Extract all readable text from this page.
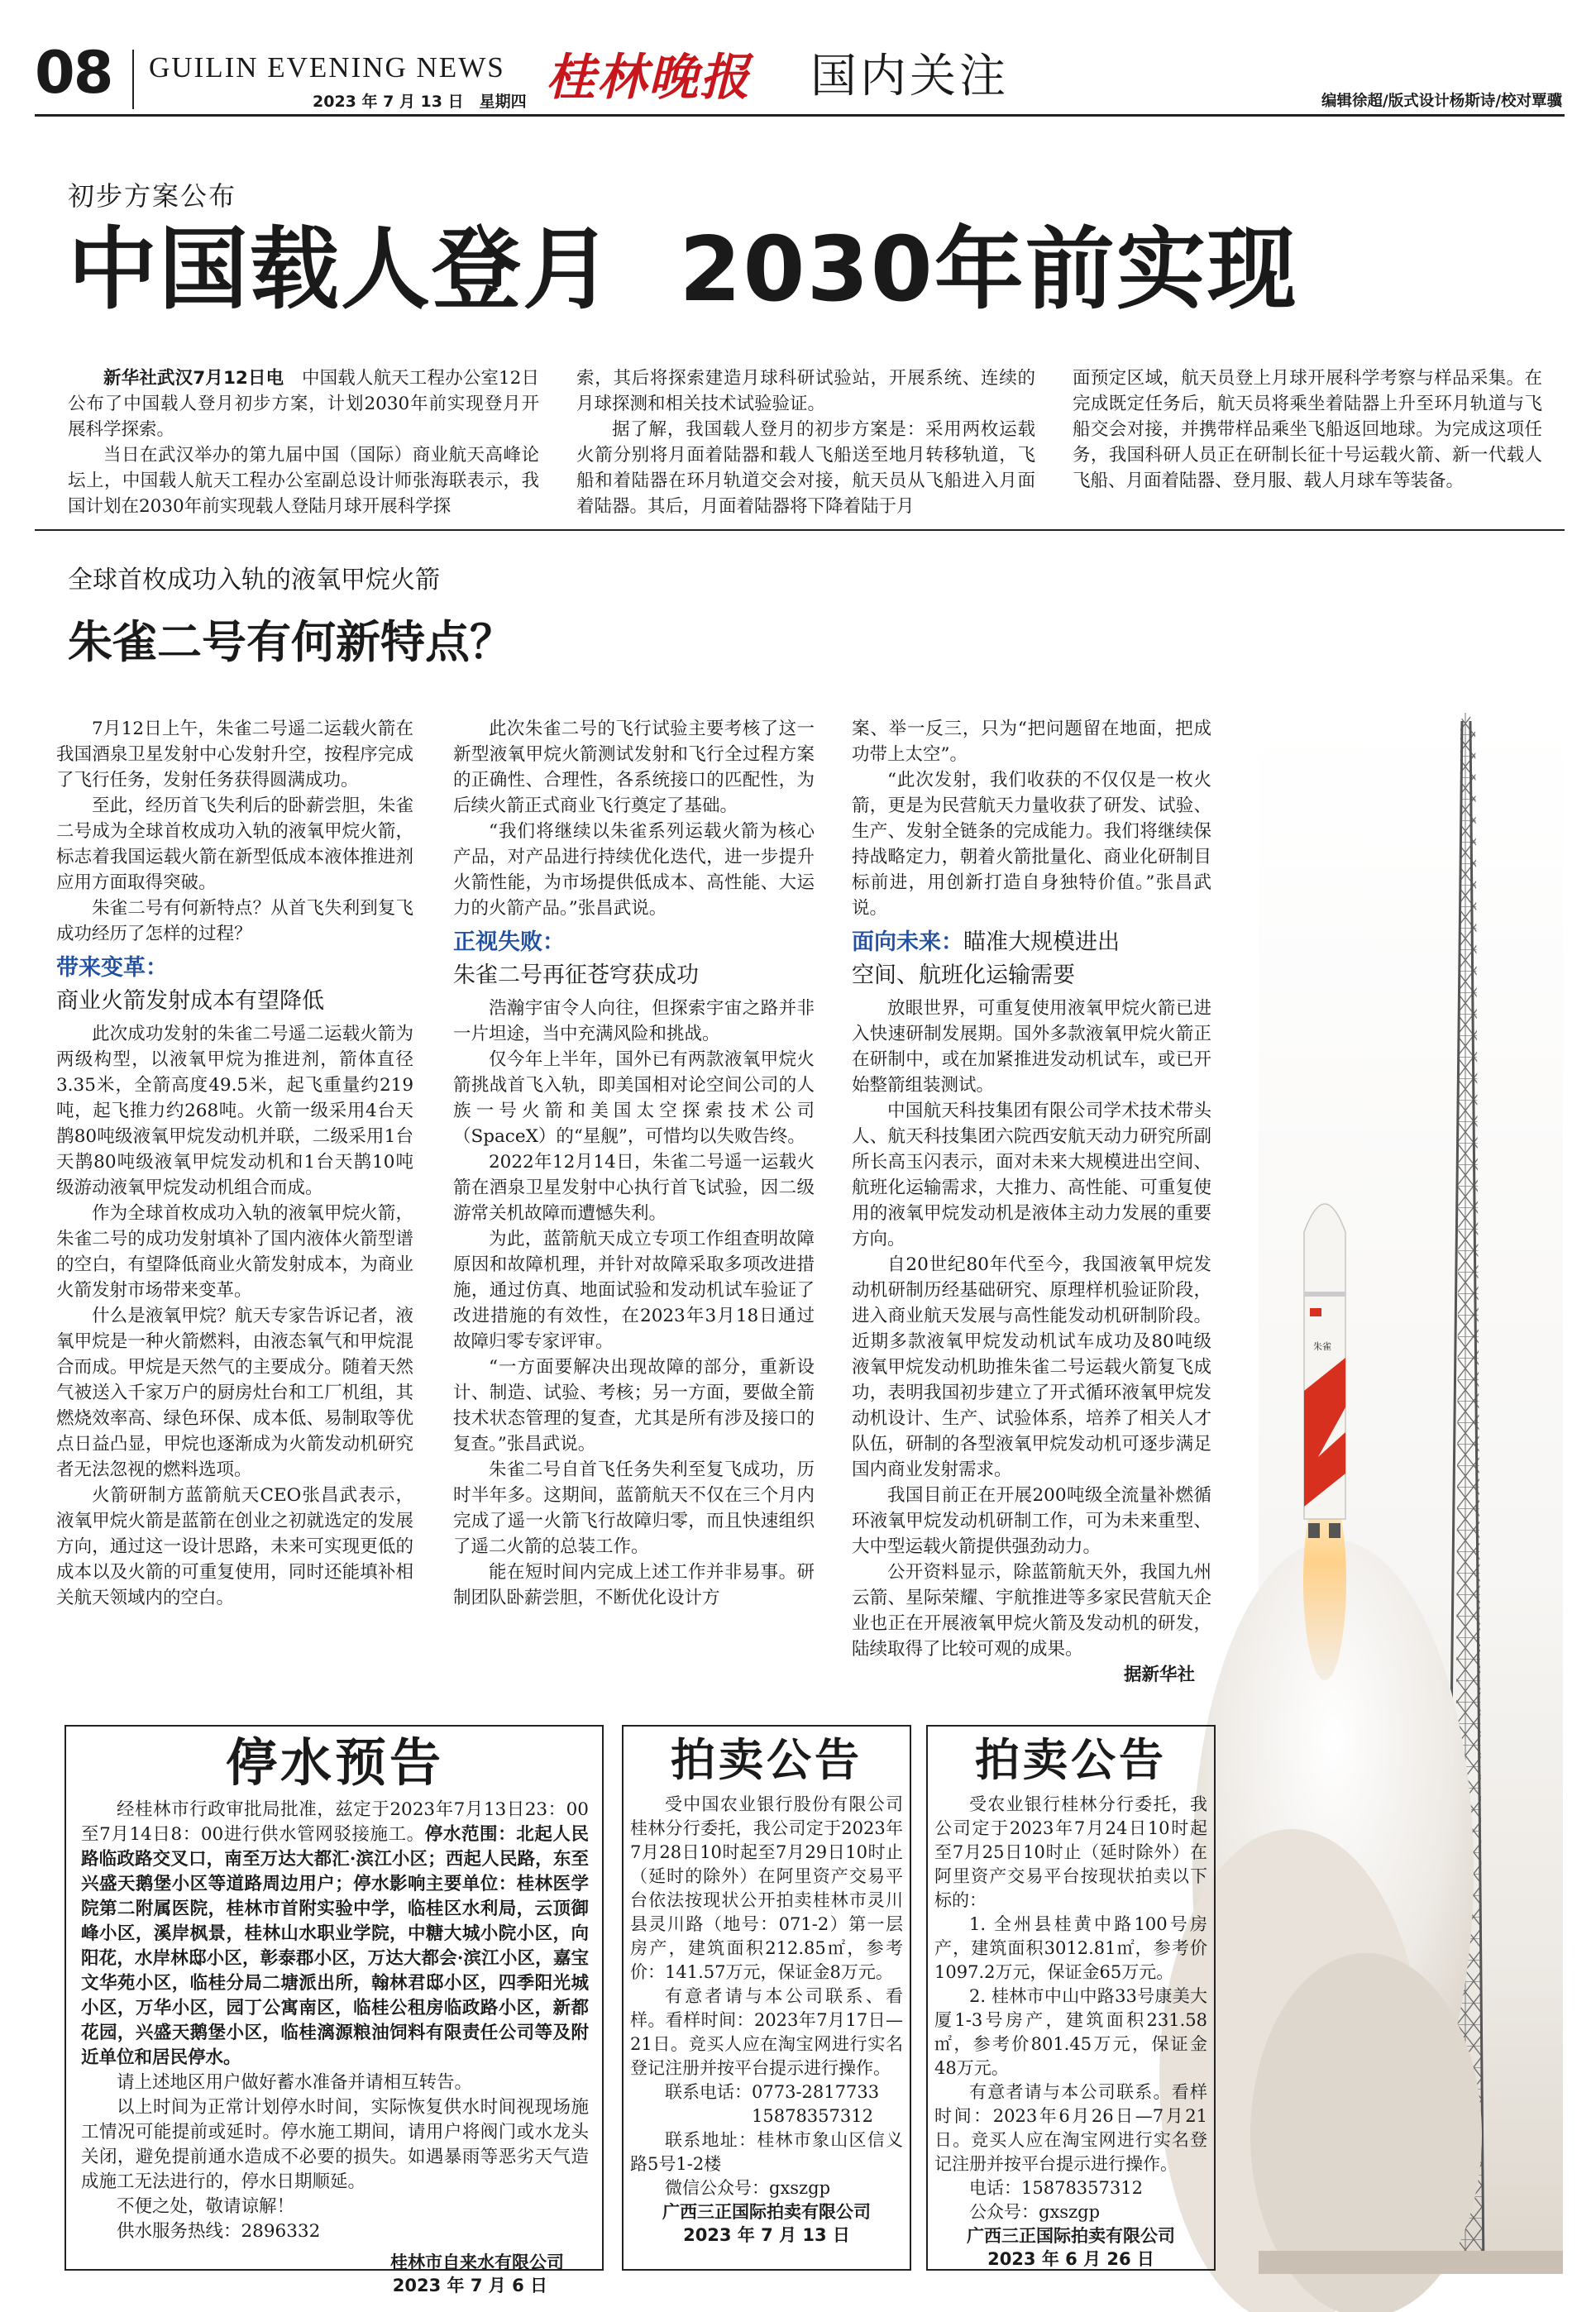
08 GUILIN EVENING NEWS
2023 年 7 月 13 日　星期四 桂林晚报 国内关注	编辑徐超/版式设计杨斯诗/校对覃骥
初步方案公布
中国载人登月  2030年前实现

新华社武汉7月12日电　 中国载人航天工程办公室12日公布了中国载人登月初步方案，计划2030年前实现登月开展科学探索。

当日在武汉举办的第九届中国（国际）商业航天高峰论坛上，中国载人航天工程办公室副总设计师张海联表示，我国计划在2030年前实现载人登陆月球开展科学探

索，其后将探索建造月球科研试验站，开展系统、连续的月球探测和相关技术试验验证。

据了解，我国载人登月的初步方案是：采用两枚运载火箭分别将月面着陆器和载人飞船送至地月转移轨道，飞船和着陆器在环月轨道交会对接，航天员从飞船进入月面着陆器。其后，月面着陆器将下降着陆于月

面预定区域，航天员登上月球开展科学考察与样品采集。在完成既定任务后，航天员将乘坐着陆器上升至环月轨道与飞船交会对接，并携带样品乘坐飞船返回地球。为完成这项任务，我国科研人员正在研制长征十号运载火箭、新一代载人飞船、月面着陆器、登月服、载人月球车等装备。

全球首枚成功入轨的液氧甲烷火箭
朱雀二号有何新特点？

7月12日上午，朱雀二号遥二运载火箭在我国酒泉卫星发射中心发射升空，按程序完成了飞行任务，发射任务获得圆满成功。

至此，经历首飞失利后的卧薪尝胆，朱雀二号成为全球首枚成功入轨的液氧甲烷火箭，标志着我国运载火箭在新型低成本液体推进剂应用方面取得突破。

朱雀二号有何新特点？从首飞失利到复飞成功经历了怎样的过程？

带来变革：
商业火箭发射成本有望降低

此次成功发射的朱雀二号遥二运载火箭为两级构型，以液氧甲烷为推进剂，箭体直径3.35米，全箭高度49.5米，起飞重量约219吨，起飞推力约268吨。火箭一级采用4台天鹊80吨级液氧甲烷发动机并联，二级采用1台天鹊80吨级液氧甲烷发动机和1台天鹊10吨级游动液氧甲烷发动机组合而成。

作为全球首枚成功入轨的液氧甲烷火箭，朱雀二号的成功发射填补了国内液体火箭型谱的空白，有望降低商业火箭发射成本，为商业火箭发射市场带来变革。

什么是液氧甲烷？航天专家告诉记者，液氧甲烷是一种火箭燃料，由液态氧气和甲烷混合而成。甲烷是天然气的主要成分。随着天然气被送入千家万户的厨房灶台和工厂机组，其燃烧效率高、绿色环保、成本低、易制取等优点日益凸显，甲烷也逐渐成为火箭发动机研究者无法忽视的燃料选项。

火箭研制方蓝箭航天CEO张昌武表示，液氧甲烷火箭是蓝箭在创业之初就选定的发展方向，通过这一设计思路，未来可实现更低的成本以及火箭的可重复使用，同时还能填补相关航天领域内的空白。

此次朱雀二号的飞行试验主要考核了这一新型液氧甲烷火箭测试发射和飞行全过程方案的正确性、合理性，各系统接口的匹配性，为后续火箭正式商业飞行奠定了基础。

“我们将继续以朱雀系列运载火箭为核心产品，对产品进行持续优化迭代，进一步提升火箭性能，为市场提供低成本、高性能、大运力的火箭产品。”张昌武说。

正视失败：
朱雀二号再征苍穹获成功

浩瀚宇宙令人向往，但探索宇宙之路并非一片坦途，当中充满风险和挑战。

仅今年上半年，国外已有两款液氧甲烷火箭挑战首飞入轨，即美国相对论空间公司的人族一号火箭和美国太空探索技术公司（SpaceX）的“星舰”，可惜均以失败告终。

2022年12月14日，朱雀二号遥一运载火箭在酒泉卫星发射中心执行首飞试验，因二级游常关机故障而遭憾失利。

为此，蓝箭航天成立专项工作组查明故障原因和故障机理，并针对故障采取多项改进措施，通过仿真、地面试验和发动机试车验证了改进措施的有效性，在2023年3月18日通过故障归零专家评审。

“一方面要解决出现故障的部分，重新设计、制造、试验、考核；另一方面，要做全箭技术状态管理的复查，尤其是所有涉及接口的复查。”张昌武说。

朱雀二号自首飞任务失利至复飞成功，历时半年多。这期间，蓝箭航天不仅在三个月内完成了遥一火箭飞行故障归零，而且快速组织了遥二火箭的总装工作。

能在短时间内完成上述工作并非易事。研制团队卧薪尝胆，不断优化设计方

案、举一反三，只为“把问题留在地面，把成功带上太空”。

“此次发射，我们收获的不仅仅是一枚火箭，更是为民营航天力量收获了研发、试验、生产、发射全链条的完成能力。我们将继续保持战略定力，朝着火箭批量化、商业化研制目标前进，用创新打造自身独特价值。”张昌武说。

面向未来：瞄准大规模进出
空间、航班化运输需要

放眼世界，可重复使用液氧甲烷火箭已进入快速研制发展期。国外多款液氧甲烷火箭正在研制中，或在加紧推进发动机试车，或已开始整箭组装测试。

中国航天科技集团有限公司学术技术带头人、航天科技集团六院西安航天动力研究所副所长高玉闪表示，面对未来大规模进出空间、航班化运输需求，大推力、高性能、可重复使用的液氧甲烷发动机是液体主动力发展的重要方向。

自20世纪80年代至今，我国液氧甲烷发动机研制历经基础研究、原理样机验证阶段，进入商业航天发展与高性能发动机研制阶段。近期多款液氧甲烷发动机试车成功及80吨级液氧甲烷发动机助推朱雀二号运载火箭复飞成功，表明我国初步建立了开式循环液氧甲烷发动机设计、生产、试验体系，培养了相关人才队伍，研制的各型液氧甲烷发动机可逐步满足国内商业发射需求。

我国目前正在开展200吨级全流量补燃循环液氧甲烷发动机研制工作，可为未来重型、大中型运载火箭提供强劲动力。

公开资料显示，除蓝箭航天外，我国九州云箭、星际荣耀、宇航推进等多家民营航天企业也正在开展液氧甲烷火箭及发动机的研发，陆续取得了比较可观的成果。

据新华社
朱雀
停水预告

经桂林市行政审批局批准，兹定于2023年7月13日23：00至7月14日8：00进行供水管网驳接施工。停水范围：北起人民路临政路交叉口，南至万达大都汇·滨江小区；西起人民路，东至兴盛天鹅堡小区等道路周边用户；停水影响主要单位：桂林医学院第二附属医院，桂林市首附实验中学，临桂区水利局，云顶御峰小区，溪岸枫景，桂林山水职业学院，中糖大城小院小区，向阳花，水岸林邸小区，彰泰郡小区，万达大都会·滨江小区，嘉宝文华苑小区，临桂分局二塘派出所，翰林君邸小区，四季阳光城小区，万华小区，园丁公寓南区，临桂公租房临政路小区，新都花园，兴盛天鹅堡小区，临桂漓源粮油饲料有限责任公司等及附近单位和居民停水。

请上述地区用户做好蓄水准备并请相互转告。

以上时间为正常计划停水时间，实际恢复供水时间视现场施工情况可能提前或延时。停水施工期间，请用户将阀门或水龙头关闭，避免提前通水造成不必要的损失。如遇暴雨等恶劣天气造成施工无法进行的，停水日期顺延。

不便之处，敬请谅解！

供水服务热线：2896332

桂林市自来水有限公司
2023 年 7 月 6 日
拍卖公告

受中国农业银行股份有限公司桂林分行委托，我公司定于2023年7月28日10时起至7月29日10时止（延时的除外）在阿里资产交易平台依法按现状公开拍卖桂林市灵川县灵川路（地号：071-2）第一层房产，建筑面积212.85㎡，参考价：141.57万元，保证金8万元。

有意者请与本公司联系、看样。看样时间：2023年7月17日—21日。竞买人应在淘宝网进行实名登记注册并按平台提示进行操作。

联系电话：0773-2817733

　　　　　15878357312

联系地址：桂林市象山区信义路5号1-2楼

微信公众号：gxszgp

广西三正国际拍卖有限公司
2023 年 7 月 13 日
拍卖公告

受农业银行桂林分行委托，我公司定于2023年7月24日10时起至7月25日10时止（延时除外）在阿里资产交易平台按现状拍卖以下标的：

1. 全州县桂黄中路100号房产，建筑面积3012.81㎡，参考价1097.2万元，保证金65万元。

2. 桂林市中山中路33号康美大厦1-3号房产，建筑面积231.58㎡，参考价801.45万元，保证金48万元。

有意者请与本公司联系。看样时间：2023年6月26日—7月21日。竞买人应在淘宝网进行实名登记注册并按平台提示进行操作。

电话：15878357312

公众号：gxszgp

广西三正国际拍卖有限公司
2023 年 6 月 26 日
